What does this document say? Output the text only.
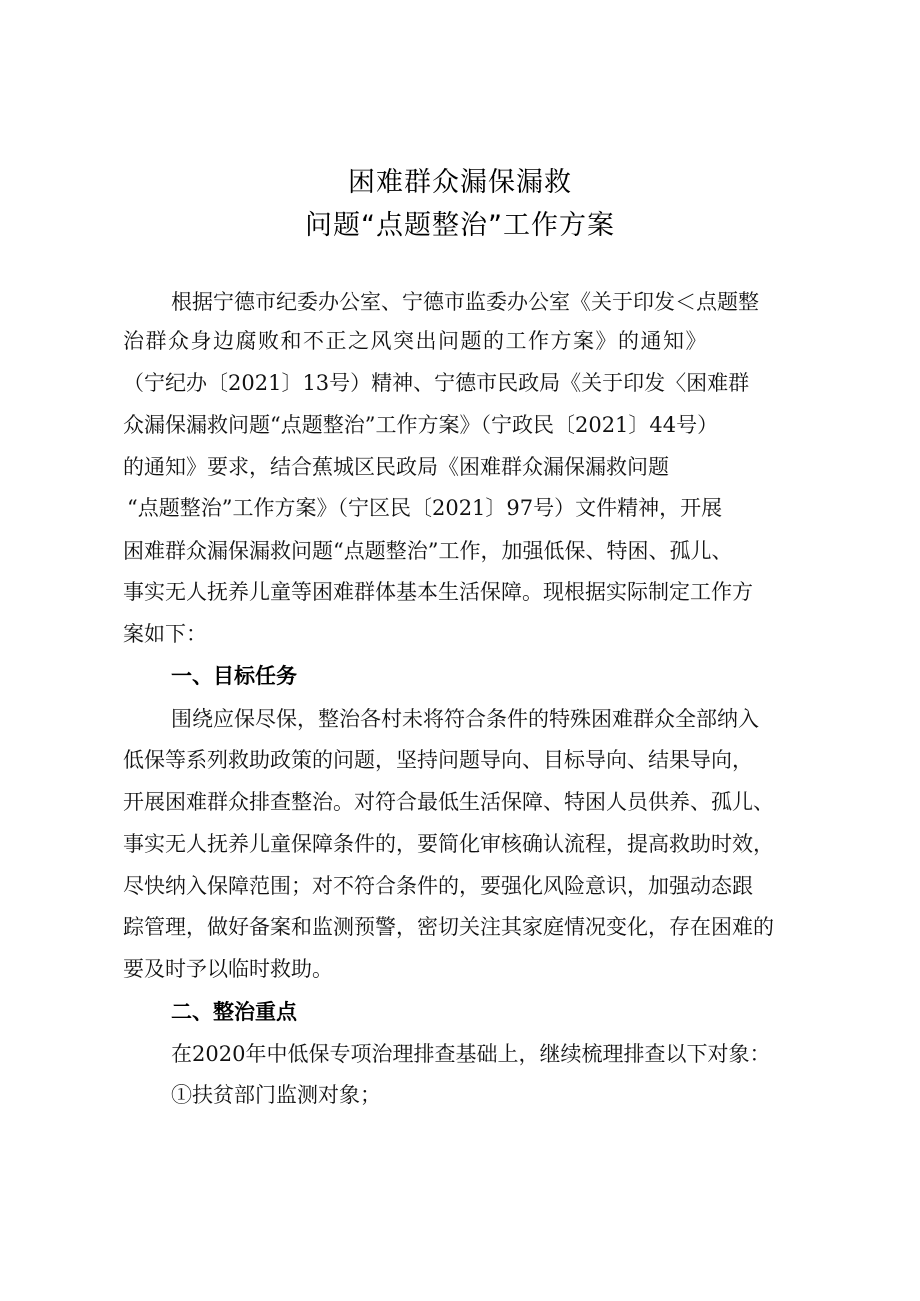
困难群众漏保漏救
问题“点题整治”工作方案
根据宁德市纪委办公室、宁德市监委办公室《关于印发＜点题整
治群众身边腐败和不正之风突出问题的工作方案》的通知》
（宁纪办〔2021〕13号）精神、宁德市民政局《关于印发〈困难群
众漏保漏救问题“点题整治”工作方案》（宁政民〔2021〕44号）
的通知》要求，结合蕉城区民政局《困难群众漏保漏救问题
“点题整治”工作方案》（宁区民〔2021〕97号）文件精神，开展
困难群众漏保漏救问题“点题整治”工作，加强低保、特困、孤儿、
事实无人抚养儿童等困难群体基本生活保障。现根据实际制定工作方
案如下：
一、目标任务
围绕应保尽保，整治各村未将符合条件的特殊困难群众全部纳入
低保等系列救助政策的问题，坚持问题导向、目标导向、结果导向，
开展困难群众排查整治。对符合最低生活保障、特困人员供养、孤儿、
事实无人抚养儿童保障条件的，要简化审核确认流程，提高救助时效，
尽快纳入保障范围；对不符合条件的，要强化风险意识，加强动态跟
踪管理，做好备案和监测预警，密切关注其家庭情况变化，存在困难的
要及时予以临时救助。
二、整治重点
在2020年中低保专项治理排查基础上，继续梳理排查以下对象：
①扶贫部门监测对象；
